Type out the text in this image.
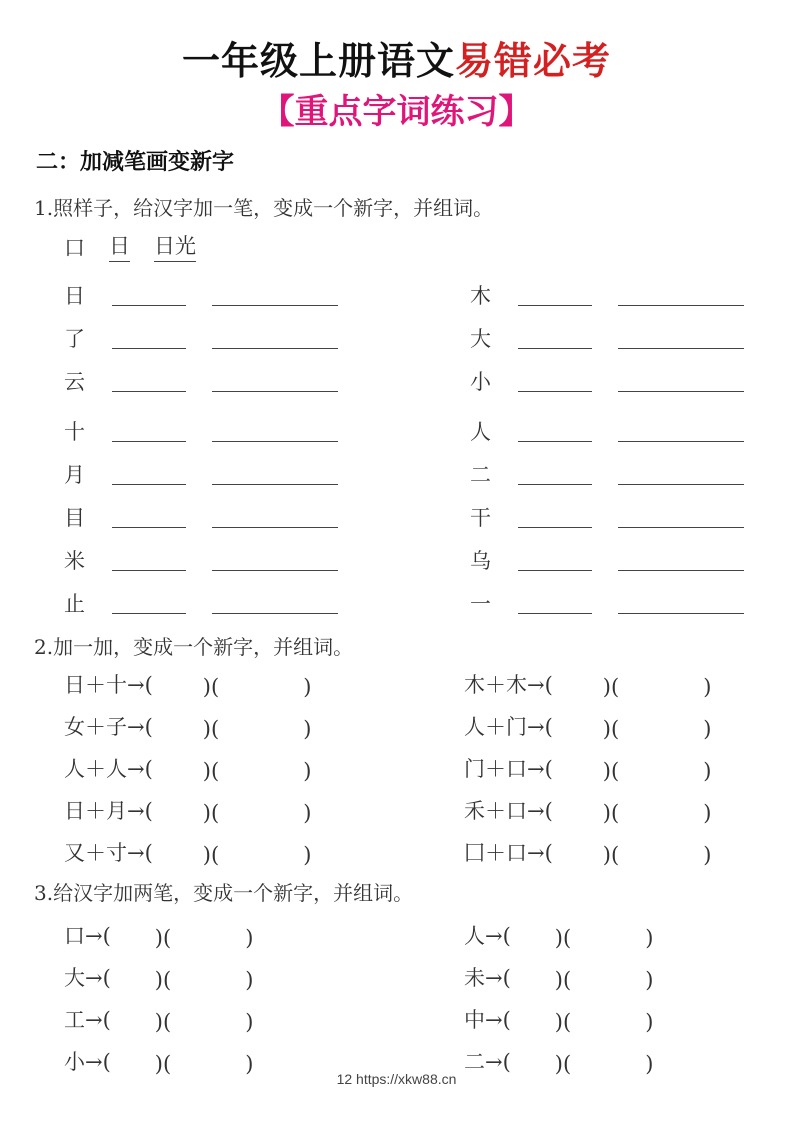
一年级上册语文易错必考
【重点字词练习】
二：加减笔画变新字
1.照样子，给汉字加一笔，变成一个新字，并组词。
口 日 日光
日
了
云
十
月
目
米
止
木
大
小
人
二
干
乌
一
2.加一加，变成一个新字，并组词。
日＋十→( )(	)
女＋子→( )(	)
人＋人→( )(	)
日＋月→( )(	)
又＋寸→( )(	)
木＋木→( )(	)
人＋门→( )(	)
门＋口→( )(	)
禾＋口→( )(	)
囗＋口→( )(	)
3.给汉字加两笔，变成一个新字，并组词。
口→( )(	)
大→( )(	)
工→( )(	)
小→( )(	)
人→( )(	)
未→( )(	)
中→( )(	)
二→( )(	)
12 https://xkw88.cn
